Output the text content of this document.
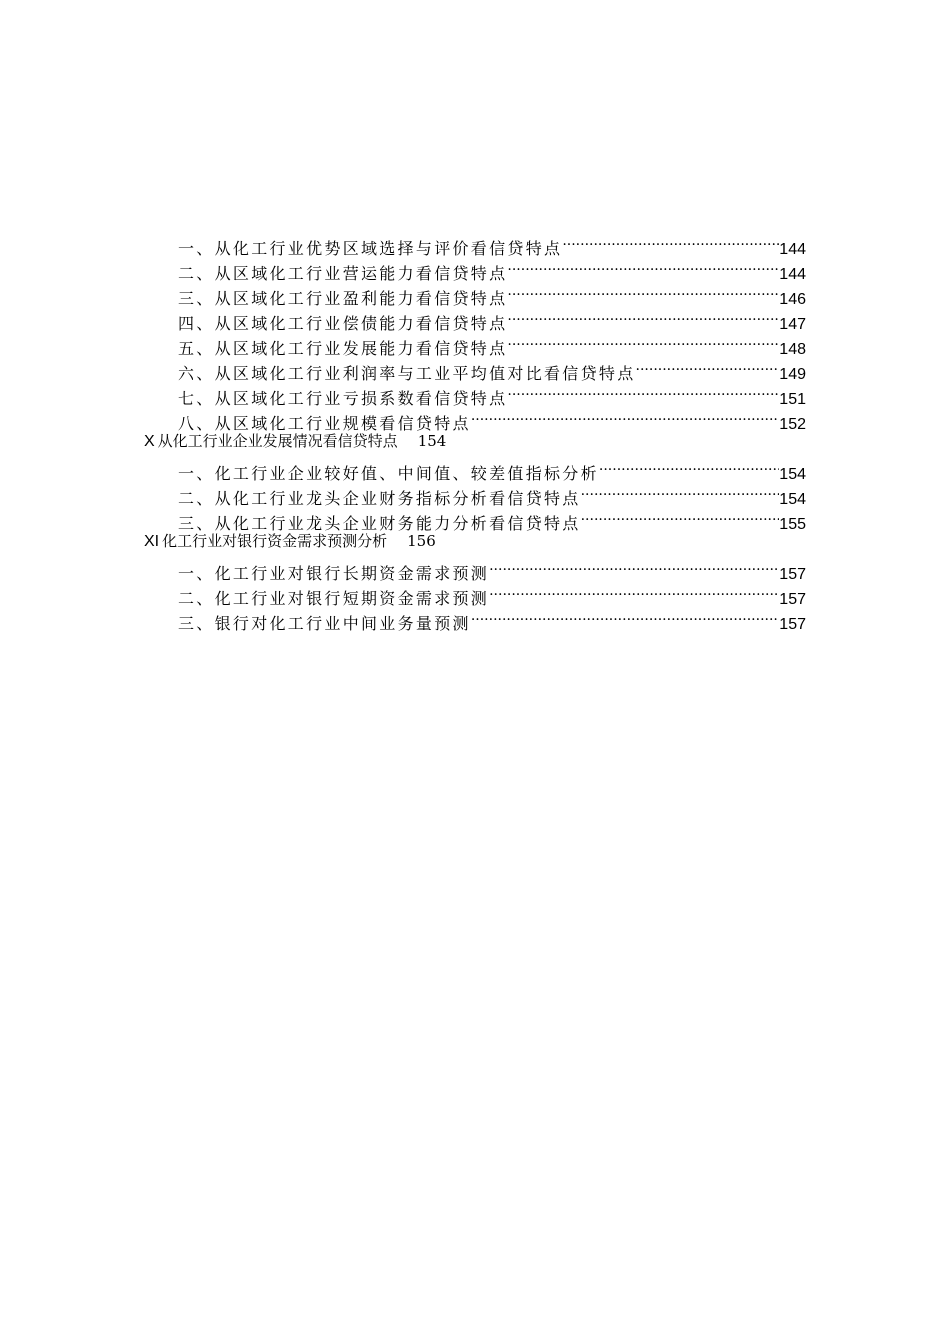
一、从化工行业优势区域选择与评价看信贷特点 .....	144
二、从区域化工行业营运能力看信贷特点 .....	144
三、从区域化工行业盈利能力看信贷特点 .....	146
四、从区域化工行业偿债能力看信贷特点 .....	147
五、从区域化工行业发展能力看信贷特点 .....	148
六、从区域化工行业利润率与工业平均值对比看信贷特点 .....	149
七、从区域化工行业亏损系数看信贷特点 .....	151
八、从区域化工行业规模看信贷特点 .....	152
X 从化工行业企业发展情况看信贷特点 154
一、化工行业企业较好值、中间值、较差值指标分析 .....	154
二、从化工行业龙头企业财务指标分析看信贷特点 .....	154
三、从化工行业龙头企业财务能力分析看信贷特点 .....	155
XI 化工行业对银行资金需求预测分析 156
一、化工行业对银行长期资金需求预测 .....	157
二、化工行业对银行短期资金需求预测 .....	157
三、银行对化工行业中间业务量预测 .....	157
